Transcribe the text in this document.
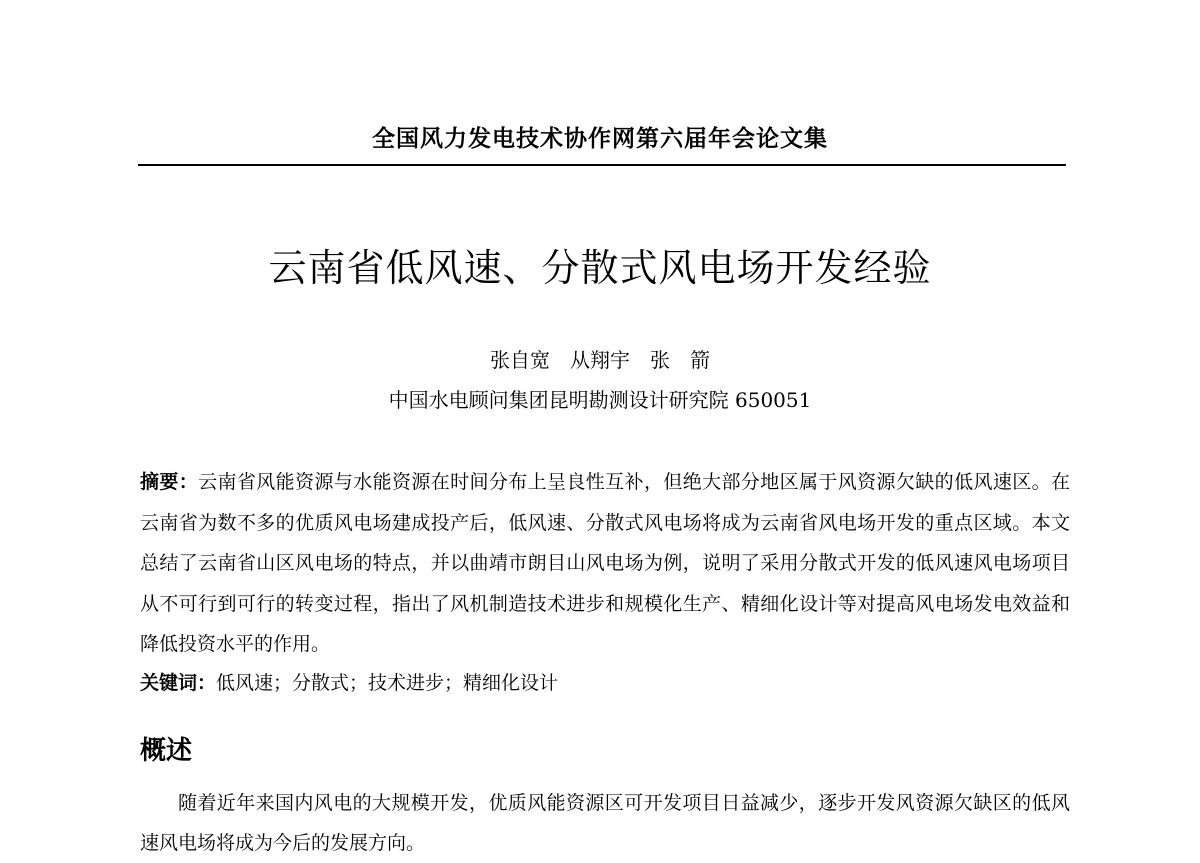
全国风力发电技术协作网第六届年会论文集
云南省低风速、分散式风电场开发经验
张自宽　从翔宇　张　箭
中国水电顾问集团昆明勘测设计研究院 650051
摘要：云南省风能资源与水能资源在时间分布上呈良性互补，但绝大部分地区属于风资源欠缺的低风速区。在云南省为数不多的优质风电场建成投产后，低风速、分散式风电场将成为云南省风电场开发的重点区域。本文总结了云南省山区风电场的特点，并以曲靖市朗目山风电场为例，说明了采用分散式开发的低风速风电场项目从不可行到可行的转变过程，指出了风机制造技术进步和规模化生产、精细化设计等对提高风电场发电效益和降低投资水平的作用。
关键词：低风速；分散式；技术进步；精细化设计
概述
随着近年来国内风电的大规模开发，优质风能资源区可开发项目日益减少，逐步开发风资源欠缺区的低风速风电场将成为今后的发展方向。
